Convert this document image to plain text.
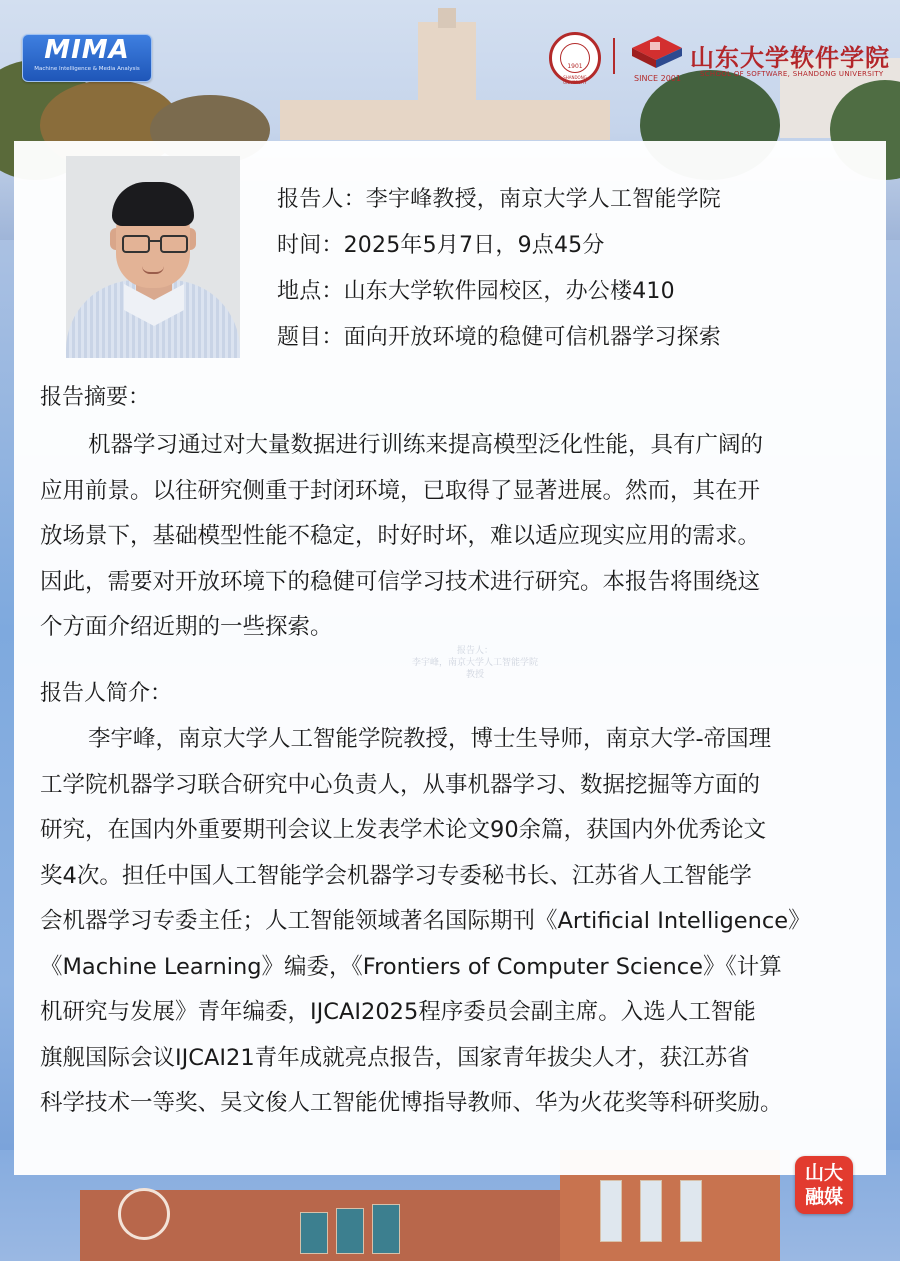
MIMA
Machine Intelligence & Media Analysis
SHANDONG UNIVERSITY
1901
SINCE 2001
山东大学软件学院
SCHOOL OF SOFTWARE, SHANDONG UNIVERSITY
报告人：李宇峰教授，南京大学人工智能学院
时间：2025年5月7日，9点45分
地点：山东大学软件园校区，办公楼410
题目：面向开放环境的稳健可信机器学习探索
报告摘要：
机器学习通过对大量数据进行训练来提高模型泛化性能，具有广阔的
应用前景。以往研究侧重于封闭环境，已取得了显著进展。然而，其在开
放场景下，基础模型性能不稳定，时好时坏，难以适应现实应用的需求。
因此，需要对开放环境下的稳健可信学习技术进行研究。本报告将围绕这
个方面介绍近期的一些探索。
报告人：
李宇峰，南京大学人工智能学院教授
报告人简介：
李宇峰，南京大学人工智能学院教授，博士生导师，南京大学-帝国理
工学院机器学习联合研究中心负责人，从事机器学习、数据挖掘等方面的
研究，在国内外重要期刊会议上发表学术论文90余篇，获国内外优秀论文
奖4次。担任中国人工智能学会机器学习专委秘书长、江苏省人工智能学
会机器学习专委主任；人工智能领域著名国际期刊《Artificial Intelligence》
《Machine Learning》编委，《Frontiers of Computer Science》《计算
机研究与发展》青年编委，IJCAI2025程序委员会副主席。入选人工智能
旗舰国际会议IJCAI21青年成就亮点报告，国家青年拔尖人才，获江苏省
科学技术一等奖、吴文俊人工智能优博指导教师、华为火花奖等科研奖励。
山大
融媒
